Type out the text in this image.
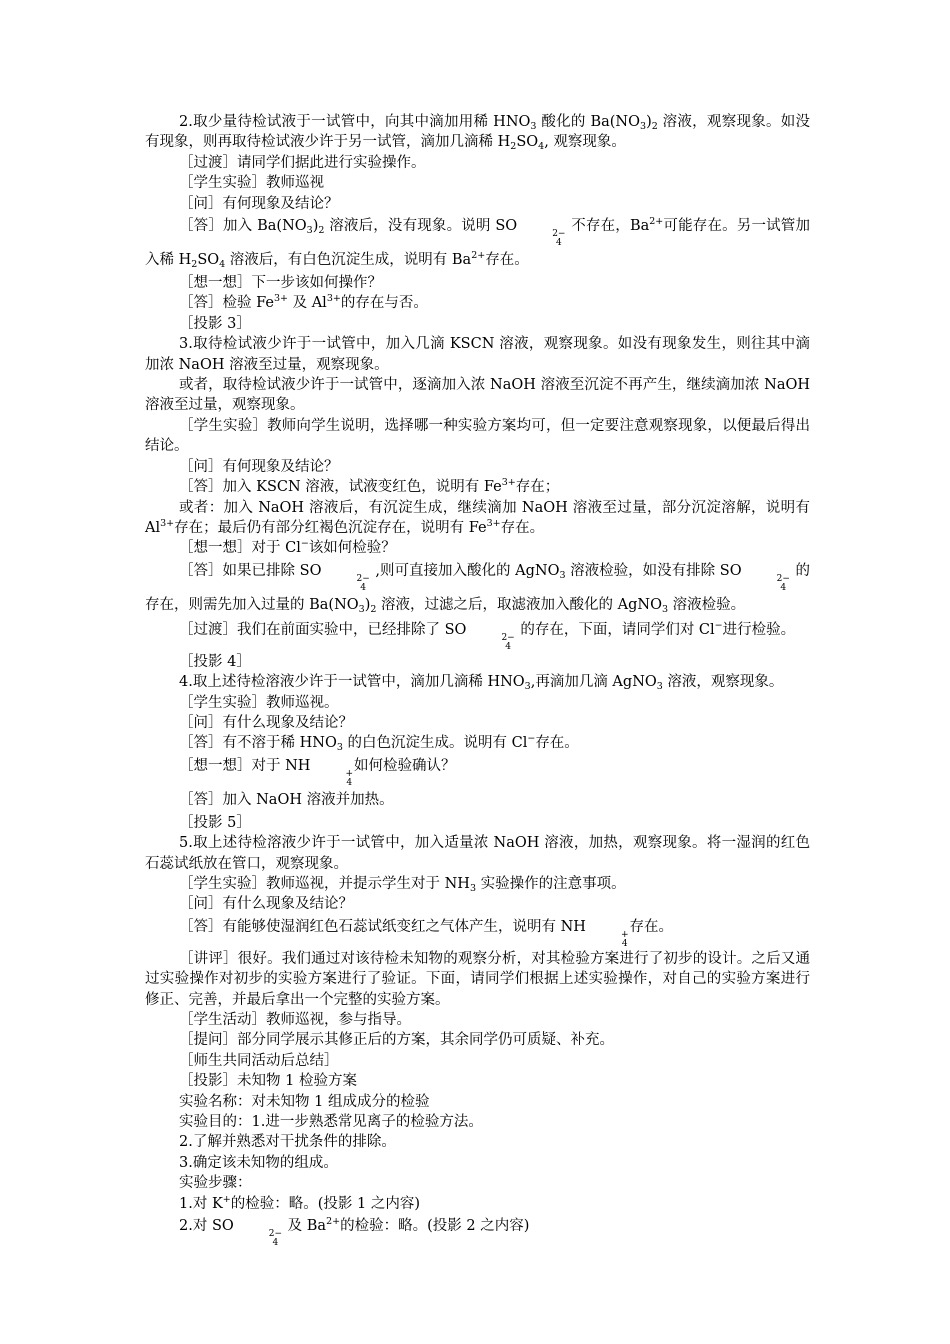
2.取少量待检试液于一试管中，向其中滴加用稀 $HNO_3$ 酸化的 $Ba(NO_3)_2$ 溶液，观察现象。如没有现象，则再取待检试液少许于另一试管，滴加几滴稀 $H_2SO_4$, 观察现象。

［过渡］请同学们据此进行实验操作。

［学生实验］教师巡视

［问］有何现象及结论？

［答］加入 $Ba(NO_3)_2$ 溶液后，没有现象。说明 SO	2−
4
不存在，$Ba^{2+}$可能存在。另一试管加入稀 $H_2SO_4$ 溶液后，有白色沉淀生成，说明有 $Ba^{2+}$存在。

［想一想］下一步该如何操作？

［答］检验 $Fe^{3+}$ 及 $Al^{3+}$的存在与否。

［投影 3］

3.取待检试液少许于一试管中，加入几滴 KSCN 溶液，观察现象。如没有现象发生，则往其中滴加浓 NaOH 溶液至过量，观察现象。

或者，取待检试液少许于一试管中，逐滴加入浓 NaOH 溶液至沉淀不再产生，继续滴加浓 NaOH 溶液至过量，观察现象。

［学生实验］教师向学生说明，选择哪一种实验方案均可，但一定要注意观察现象，以便最后得出结论。

［问］有何现象及结论？

［答］加入 KSCN 溶液，试液变红色，说明有 $Fe^{3+}$存在；

或者：加入 NaOH 溶液后，有沉淀生成，继续滴加 NaOH 溶液至过量，部分沉淀溶解，说明有 $Al^{3+}$存在；最后仍有部分红褐色沉淀存在，说明有 $Fe^{3+}$存在。

［想一想］对于 Cl−该如何检验？

［答］如果已排除 SO	2−
4
,则可直接加入酸化的 AgNO$_3$ 溶液检验，如没有排除 SO	2−
4
的存在，则需先加入过量的 $Ba(NO_3)_2$ 溶液，过滤之后，取滤液加入酸化的 AgNO$_3$ 溶液检验。

［过渡］我们在前面实验中，已经排除了 SO	2−
4
的存在，下面，请同学们对 Cl−进行检验。

［投影 4］

4.取上述待检溶液少许于一试管中，滴加几滴稀 $HNO_3$,再滴加几滴 AgNO$_3$ 溶液，观察现象。

［学生实验］教师巡视。

［问］有什么现象及结论？

［答］有不溶于稀 $HNO_3$ 的白色沉淀生成。说明有 Cl−存在。

［想一想］对于 NH	+
4
如何检验确认？

［答］加入 NaOH 溶液并加热。

［投影 5］

5.取上述待检溶液少许于一试管中，加入适量浓 NaOH 溶液，加热，观察现象。将一湿润的红色石蕊试纸放在管口，观察现象。

［学生实验］教师巡视，并提示学生对于 $NH_3$ 实验操作的注意事项。

［问］有什么现象及结论？

［答］有能够使湿润红色石蕊试纸变红之气体产生，说明有 NH	+
4
存在。

［讲评］很好。我们通过对该待检未知物的观察分析，对其检验方案进行了初步的设计。之后又通过实验操作对初步的实验方案进行了验证。下面，请同学们根据上述实验操作，对自己的实验方案进行修正、完善，并最后拿出一个完整的实验方案。

［学生活动］教师巡视，参与指导。

［提问］部分同学展示其修正后的方案，其余同学仍可质疑、补充。

［师生共同活动后总结］

［投影］未知物 1 检验方案

实验名称：对未知物 1 组成成分的检验

实验目的：1.进一步熟悉常见离子的检验方法。

2.了解并熟悉对干扰条件的排除。

3.确定该未知物的组成。

实验步骤：

1.对 K+的检验：略。(投影 1 之内容)

2.对 SO	2−
4
及 $Ba^{2+}$的检验：略。(投影 2 之内容)
